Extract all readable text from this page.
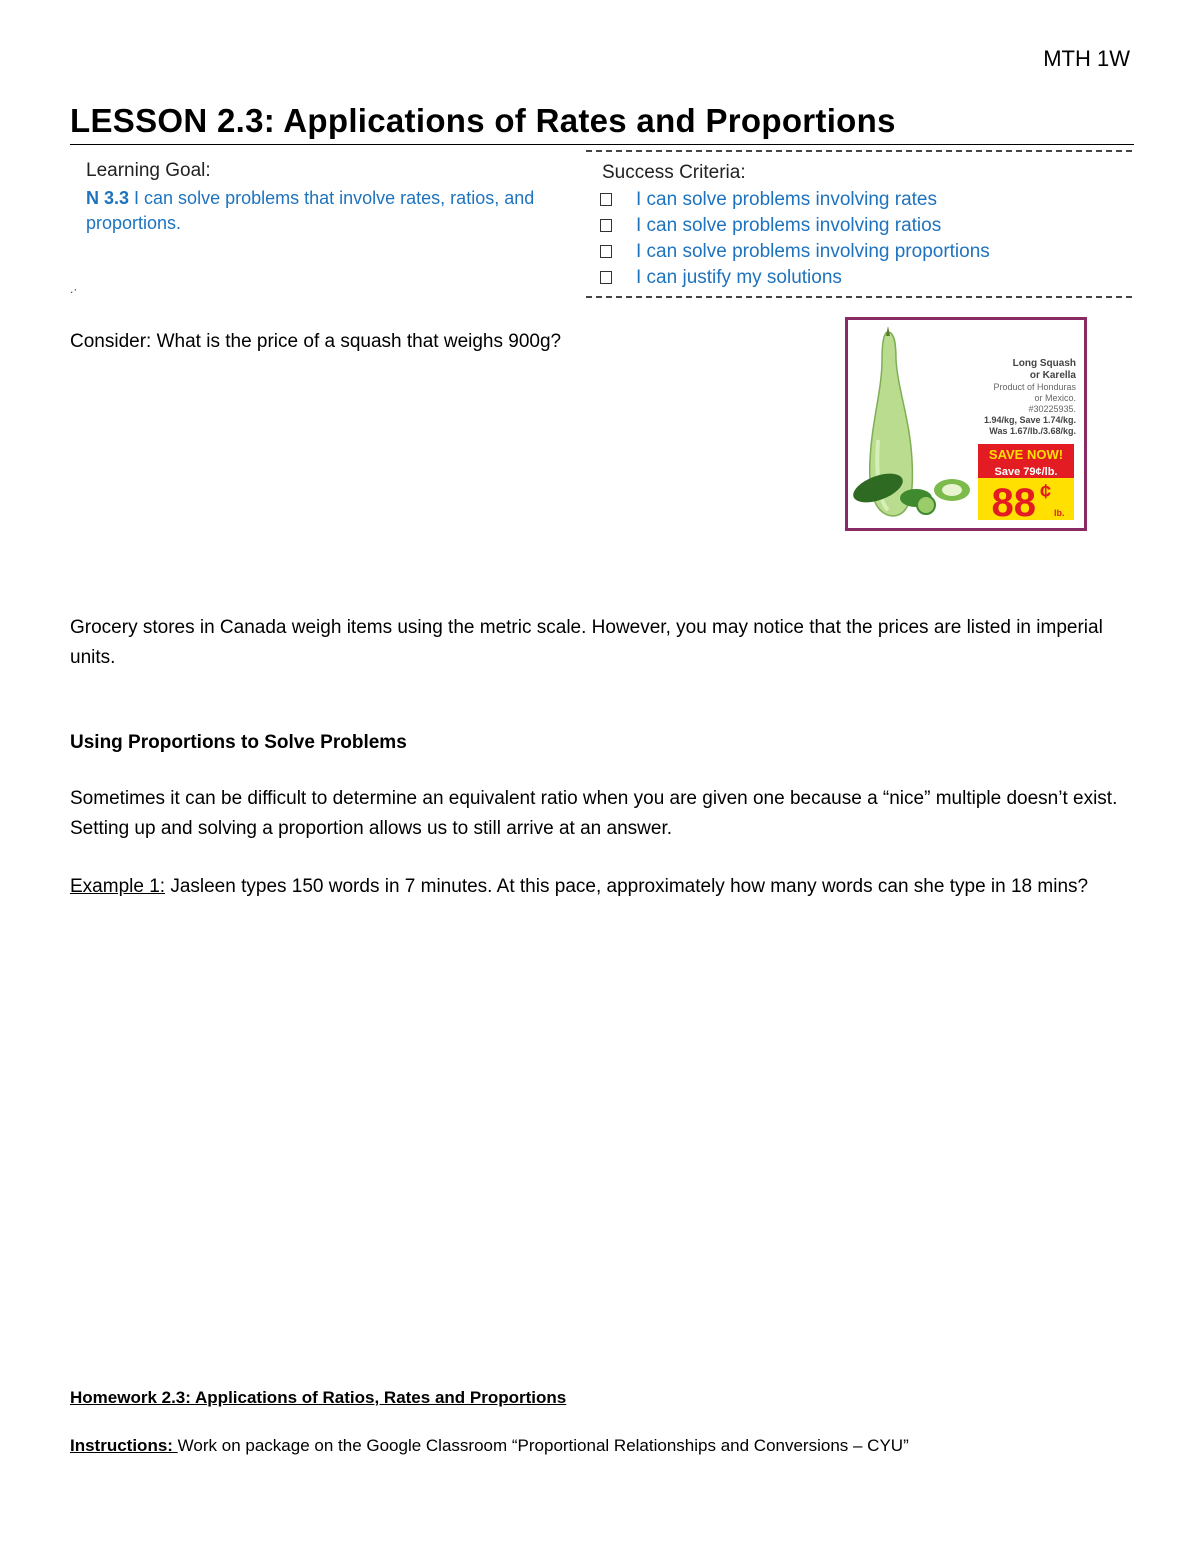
MTH 1W
LESSON 2.3: Applications of Rates and Proportions
Learning Goal:
N 3.3 I can solve problems that involve rates, ratios, and proportions.
.·
Success Criteria:
I can solve problems involving rates
I can solve problems involving ratios
I can solve problems involving proportions
I can justify my solutions
Consider: What is the price of a squash that weighs 900g?
Long Squash
or Karella
Product of Honduras
or Mexico.
#30225935.
1.94/kg, Save 1.74/kg.
Was 1.67/lb./3.68/kg.
SAVE NOW!
Save 79¢/lb.
88 ¢
lb.
Grocery stores in Canada weigh items using the metric scale. However, you may notice that the prices are listed in imperial units.
Using Proportions to Solve Problems
Sometimes it can be difficult to determine an equivalent ratio when you are given one because a “nice” multiple doesn’t exist. Setting up and solving a proportion allows us to still arrive at an answer.
Example 1: Jasleen types 150 words in 7 minutes. At this pace, approximately how many words can she type in 18 mins?
Homework 2.3: Applications of Ratios, Rates and Proportions
Instructions: Work on package on the Google Classroom “Proportional Relationships and Conversions – CYU”
